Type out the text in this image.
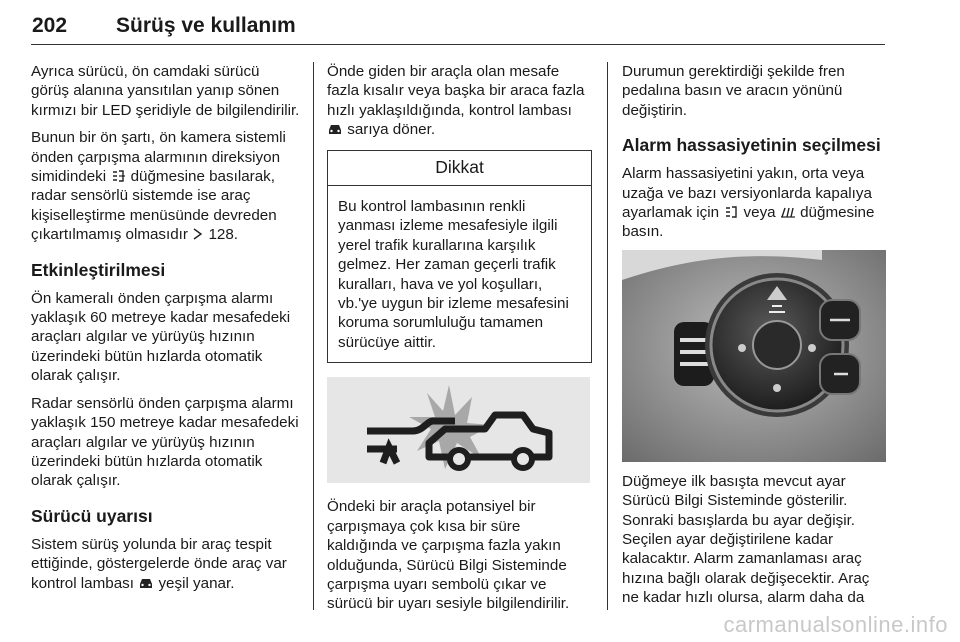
202 Sürüş ve kullanım

Ayrıca sürücü, ön camdaki sürücü görüş alanına yansıtılan yanıp sönen kırmızı bir LED şeridiyle de bilgilendirilir.

Bunun bir ön şartı, ön kamera sistemli önden çarpışma alarmının direksiyon simidindeki düğmesine basılarak, radar sensörlü sistemde ise araç kişiselleştirme menüsünde devreden çıkartılmamış olmasıdır 128.

Etkinleştirilmesi

Ön kameralı önden çarpışma alarmı yaklaşık 60 metreye kadar mesafedeki araçları algılar ve yürüyüş hızının üzerindeki bütün hızlarda otomatik olarak çalışır.

Radar sensörlü önden çarpışma alarmı yaklaşık 150 metreye kadar mesafedeki araçları algılar ve yürüyüş hızının üzerindeki bütün hızlarda otomatik olarak çalışır.

Sürücü uyarısı

Sistem sürüş yolunda bir araç tespit ettiğinde, göstergelerde önde araç var kontrol lambası yeşil yanar.

Önde giden bir araçla olan mesafe fazla kısalır veya başka bir araca fazla hızlı yaklaşıldığında, kontrol lambası  sarıya döner.

Dikkat
Bu kontrol lambasının renkli yanması izleme mesafesiyle ilgili yerel trafik kurallarına karşılık gelmez. Her zaman geçerli trafik kuralları, hava ve yol koşulları, vb.'ye uygun bir izleme mesafesini koruma sorumluluğu tamamen sürücüye aittir.

Öndeki bir araçla potansiyel bir çarpışmaya çok kısa bir süre kaldığında ve çarpışma fazla yakın olduğunda, Sürücü Bilgi Sisteminde çarpışma uyarı sembolü çıkar ve sürücü bir uyarı sesiyle bilgilendirilir.

Durumun gerektirdiği şekilde fren pedalına basın ve aracın yönünü değiştirin.

Alarm hassasiyetinin seçilmesi

Alarm hassasiyetini yakın, orta veya uzağa ve bazı versiyonlarda kapalıya ayarlamak için veya düğmesine basın.

Düğmeye ilk basışta mevcut ayar Sürücü Bilgi Sisteminde gösterilir. Sonraki basışlarda bu ayar değişir. Seçilen ayar değiştirilene kadar kalacaktır. Alarm zamanlaması araç hızına bağlı olarak değişecektir. Araç ne kadar hızlı olursa, alarm daha da

carmanualsonline.info
